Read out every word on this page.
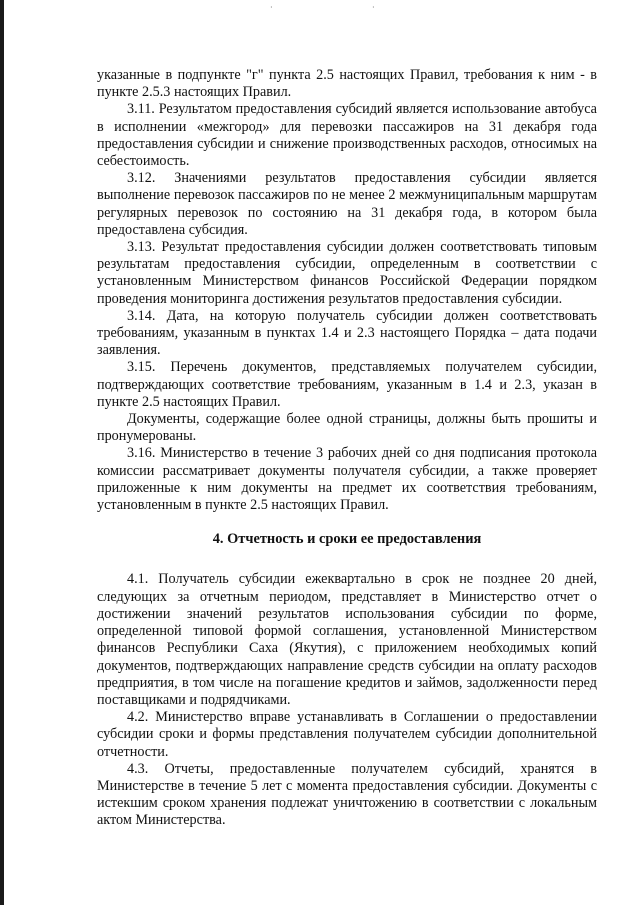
·	·

указанные в подпункте "г" пункта 2.5 настоящих Правил, требования к ним - в пункте 2.5.3 настоящих Правил.

3.11. Результатом предоставления субсидий является использование автобуса в исполнении «межгород» для перевозки пассажиров на 31 декабря года предоставления субсидии и снижение производственных расходов, относимых на себестоимость.

3.12. Значениями результатов предоставления субсидии является выполнение перевозок пассажиров по не менее 2 межмуниципальным маршрутам регулярных перевозок по состоянию на 31 декабря года, в котором была предоставлена субсидия.

3.13. Результат предоставления субсидии должен соответствовать типовым результатам предоставления субсидии, определенным в соответствии с установленным Министерством финансов Российской Федерации порядком проведения мониторинга достижения результатов предоставления субсидии.

3.14. Дата, на которую получатель субсидии должен соответствовать требованиям, указанным в пунктах 1.4 и 2.3 настоящего Порядка – дата подачи заявления.

3.15. Перечень документов, представляемых получателем субсидии, подтверждающих соответствие требованиям, указанным в 1.4 и 2.3, указан в пункте 2.5 настоящих Правил.

Документы, содержащие более одной страницы, должны быть прошиты и пронумерованы.

3.16. Министерство в течение 3 рабочих дней со дня подписания протокола комиссии рассматривает документы получателя субсидии, а также проверяет приложенные к ним документы на предмет их соответствия требованиям, установленным в пункте 2.5 настоящих Правил.

4. Отчетность и сроки ее предоставления

4.1. Получатель субсидии ежеквартально в срок не позднее 20 дней, следующих за отчетным периодом, представляет в Министерство отчет о достижении значений результатов использования субсидии по форме, определенной типовой формой соглашения, установленной Министерством финансов Республики Саха (Якутия), с приложением необходимых копий документов, подтверждающих направление средств субсидии на оплату расходов предприятия, в том числе на погашение кредитов и займов, задолженности перед поставщиками и подрядчиками.

4.2. Министерство вправе устанавливать в Соглашении о предоставлении субсидии сроки и формы представления получателем субсидии дополнительной отчетности.

4.3. Отчеты, предоставленные получателем субсидий, хранятся в Министерстве в течение 5 лет с момента предоставления субсидии. Документы с истекшим сроком хранения подлежат уничтожению в соответствии с локальным актом Министерства.
